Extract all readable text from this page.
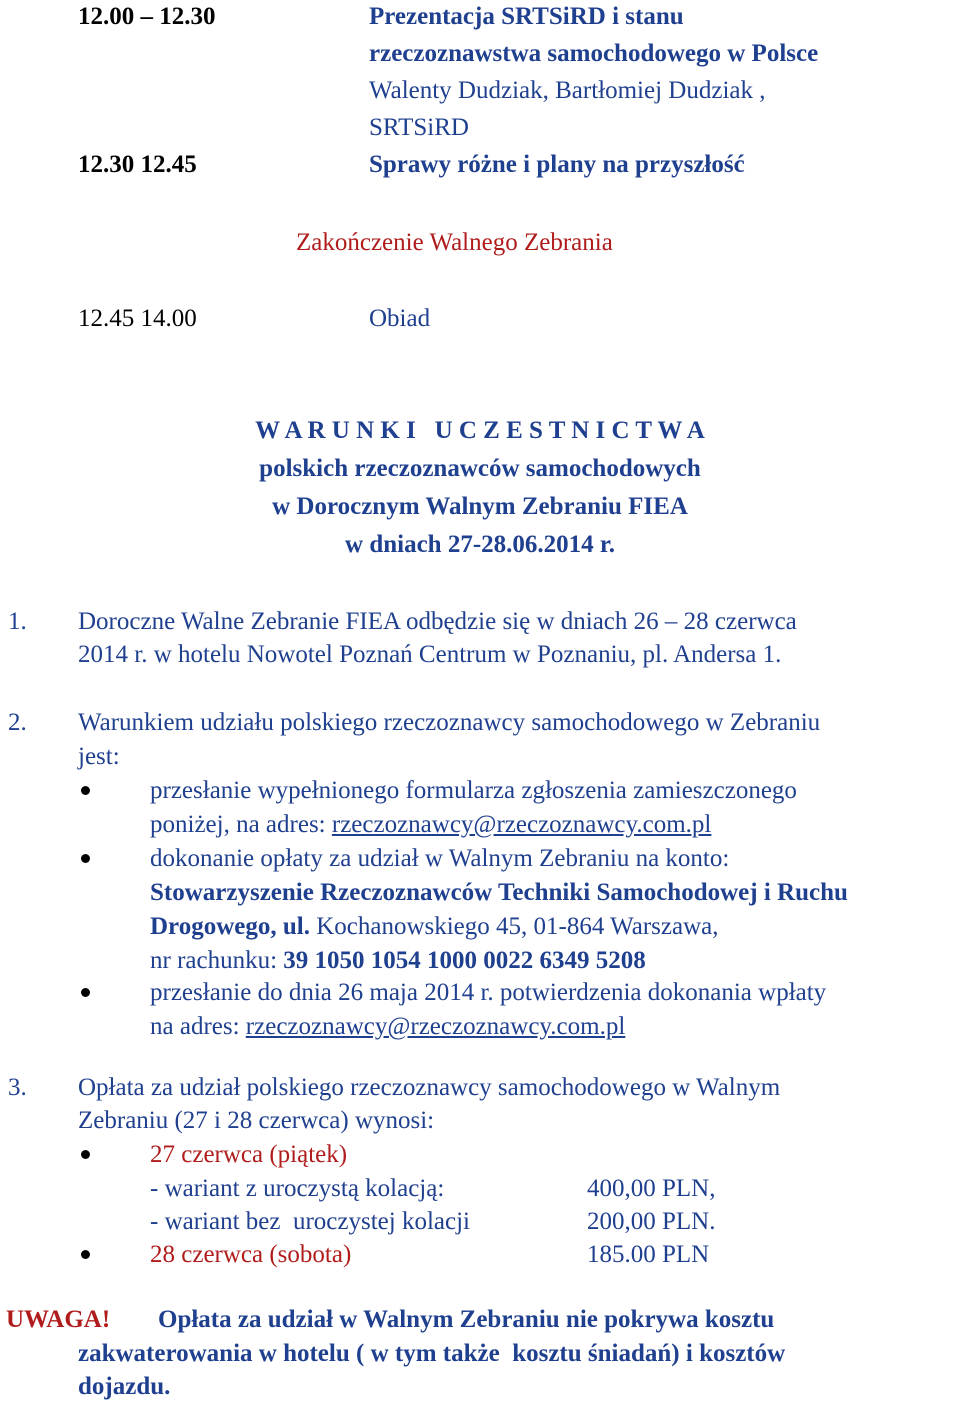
12.00 – 12.30	Prezentacja SRTSiRD i stanu
rzeczoznawstwa samochodowego w Polsce
Walenty Dudziak, Bartłomiej Dudziak ,
SRTSiRD
12.30 12.45	Sprawy różne i plany na przyszłość
Zakończenie Walnego Zebrania
12.45 14.00	Obiad
W A R U N K I   U C Z E S T N I C T W A
polskich rzeczoznawców samochodowych
w Dorocznym Walnym Zebraniu FIEA
w dniach 27-28.06.2014 r.
1. Doroczne Walne Zebranie FIEA odbędzie się w dniach 26 – 28 czerwca
2014 r. w hotelu Nowotel Poznań Centrum w Poznaniu, pl. Andersa 1.
2. Warunkiem udziału polskiego rzeczoznawcy samochodowego w Zebraniu
jest:
przesłanie wypełnionego formularza zgłoszenia zamieszczonego
poniżej, na adres: rzeczoznawcy@rzeczoznawcy.com.pl
dokonanie opłaty za udział w Walnym Zebraniu na konto:
Stowarzyszenie Rzeczoznawców Techniki Samochodowej i Ruchu
Drogowego, ul. Kochanowskiego 45, 01-864 Warszawa,
nr rachunku: 39 1050 1054 1000 0022 6349 5208
przesłanie do dnia 26 maja 2014 r. potwierdzenia dokonania wpłaty
na adres: rzeczoznawcy@rzeczoznawcy.com.pl
3. Opłata za udział polskiego rzeczoznawcy samochodowego w Walnym
Zebraniu (27 i 28 czerwca) wynosi:
27 czerwca (piątek)
- wariant z uroczystą kolacją:	400,00 PLN,
- wariant bez  uroczystej kolacji	200,00 PLN.
28 czerwca (sobota)	185.00 PLN
UWAGA! Opłata za udział w Walnym Zebraniu nie pokrywa kosztu
zakwaterowania w hotelu ( w tym także  kosztu śniadań) i kosztów
dojazdu.
